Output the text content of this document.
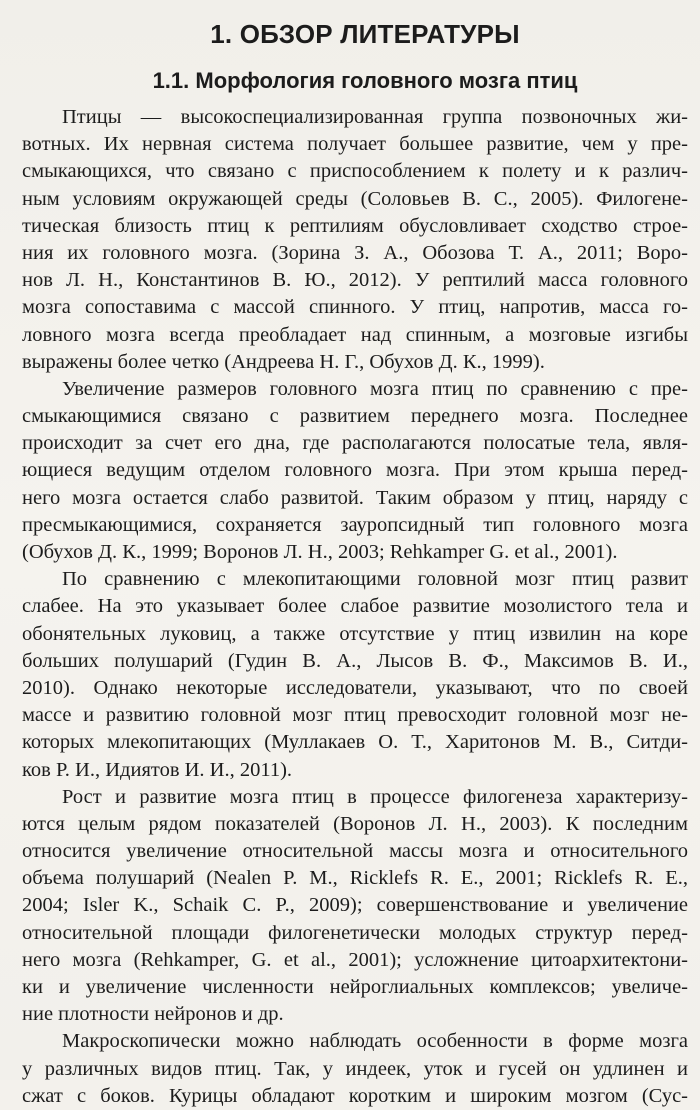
1. ОБЗОР ЛИТЕРАТУРЫ
1.1. Морфология головного мозга птиц
Птицы — высокоспециализированная группа позвоночных жи-
вотных. Их нервная система получает большее развитие, чем у пре-
смыкающихся, что связано с приспособлением к полету и к различ-
ным условиям окружающей среды (Соловьев В. С., 2005). Филогене-
тическая близость птиц к рептилиям обусловливает сходство строе-
ния их головного мозга. (Зорина З. А., Обозова Т. А., 2011; Воро-
нов Л. Н., Константинов В. Ю., 2012). У рептилий масса головного
мозга сопоставима с массой спинного. У птиц, напротив, масса го-
ловного мозга всегда преобладает над спинным, а мозговые изгибы
выражены более четко (Андреева Н. Г., Обухов Д. К., 1999).
Увеличение размеров головного мозга птиц по сравнению с пре-
смыкающимися связано с развитием переднего мозга. Последнее
происходит за счет его дна, где располагаются полосатые тела, явля-
ющиеся ведущим отделом головного мозга. При этом крыша перед-
него мозга остается слабо развитой. Таким образом у птиц, наряду с
пресмыкающимися, сохраняется зауропсидный тип головного мозга
(Обухов Д. К., 1999; Воронов Л. Н., 2003; Rehkamper G. et al., 2001).
По сравнению с млекопитающими головной мозг птиц развит
слабее. На это указывает более слабое развитие мозолистого тела и
обонятельных луковиц, а также отсутствие у птиц извилин на коре
больших полушарий (Гудин В. А., Лысов В. Ф., Максимов В. И.,
2010). Однако некоторые исследователи, указывают, что по своей
массе и развитию головной мозг птиц превосходит головной мозг не-
которых млекопитающих (Муллакаев О. Т., Харитонов М. В., Ситди-
ков Р. И., Идиятов И. И., 2011).
Рост и развитие мозга птиц в процессе филогенеза характеризу-
ются целым рядом показателей (Воронов Л. Н., 2003). К последним
относится увеличение относительной массы мозга и относительного
объема полушарий (Nealen P. M., Ricklefs R. E., 2001; Ricklefs R. E.,
2004; Isler K., Schaik C. P., 2009); совершенствование и увеличение
относительной площади филогенетически молодых структур перед-
него мозга (Rehkamper, G. et al., 2001); усложнение цитоархитектони-
ки и увеличение численности нейроглиальных комплексов; увеличе-
ние плотности нейронов и др.
Макроскопически можно наблюдать особенности в форме мозга
у различных видов птиц. Так, у индеек, уток и гусей он удлинен и
сжат с боков. Курицы обладают коротким и широким мозгом (Сус-
